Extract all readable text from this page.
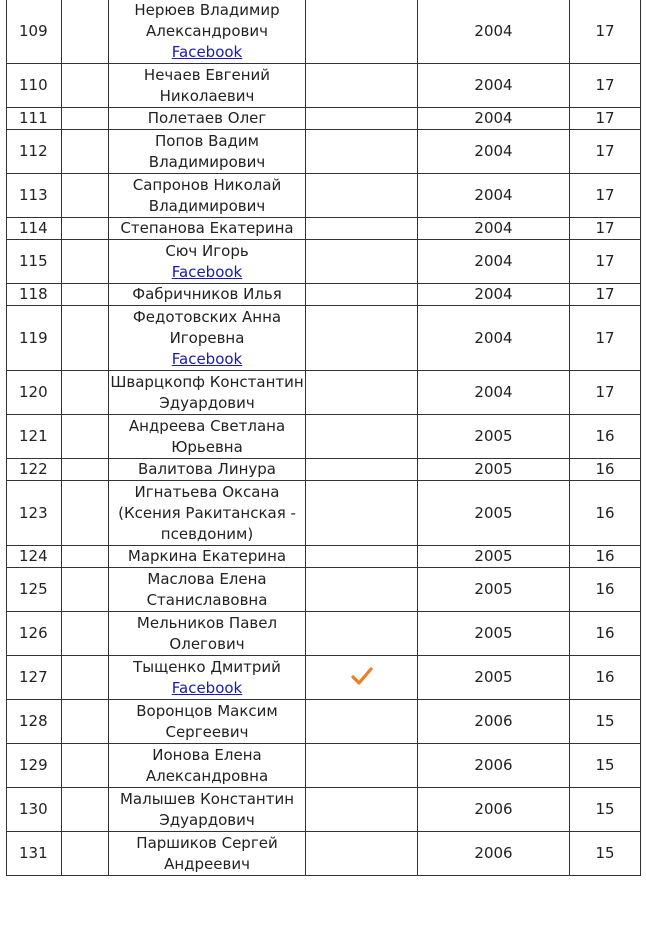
109		Нерюев Владимир
Александрович
Facebook		2004	17
110		Нечаев Евгений
Николаевич		2004	17
111		Полетаев Олег		2004	17
112		Попов Вадим
Владимирович		2004	17
113		Сапронов Николай
Владимирович		2004	17
114		Степанова Екатерина		2004	17
115		Сюч Игорь
Facebook		2004	17
118		Фабричников Илья		2004	17
119		Федотовских Анна
Игоревна
Facebook		2004	17
120		Шварцкопф Константин
Эдуардович		2004	17
121		Андреева Светлана
Юрьевна		2005	16
122		Валитова Линура		2005	16
123		Игнатьева Оксана
(Ксения Ракитанская -
псевдоним)		2005	16
124		Маркина Екатерина		2005	16
125		Маслова Елена
Станиславовна		2005	16
126		Мельников Павел
Олегович		2005	16
127		Тыщенко Дмитрий
Facebook		2005	16
128		Воронцов Максим
Сергеевич		2006	15
129		Ионова Елена
Александровна		2006	15
130		Малышев Константин
Эдуардович		2006	15
131		Паршиков Сергей
Андреевич		2006	15
